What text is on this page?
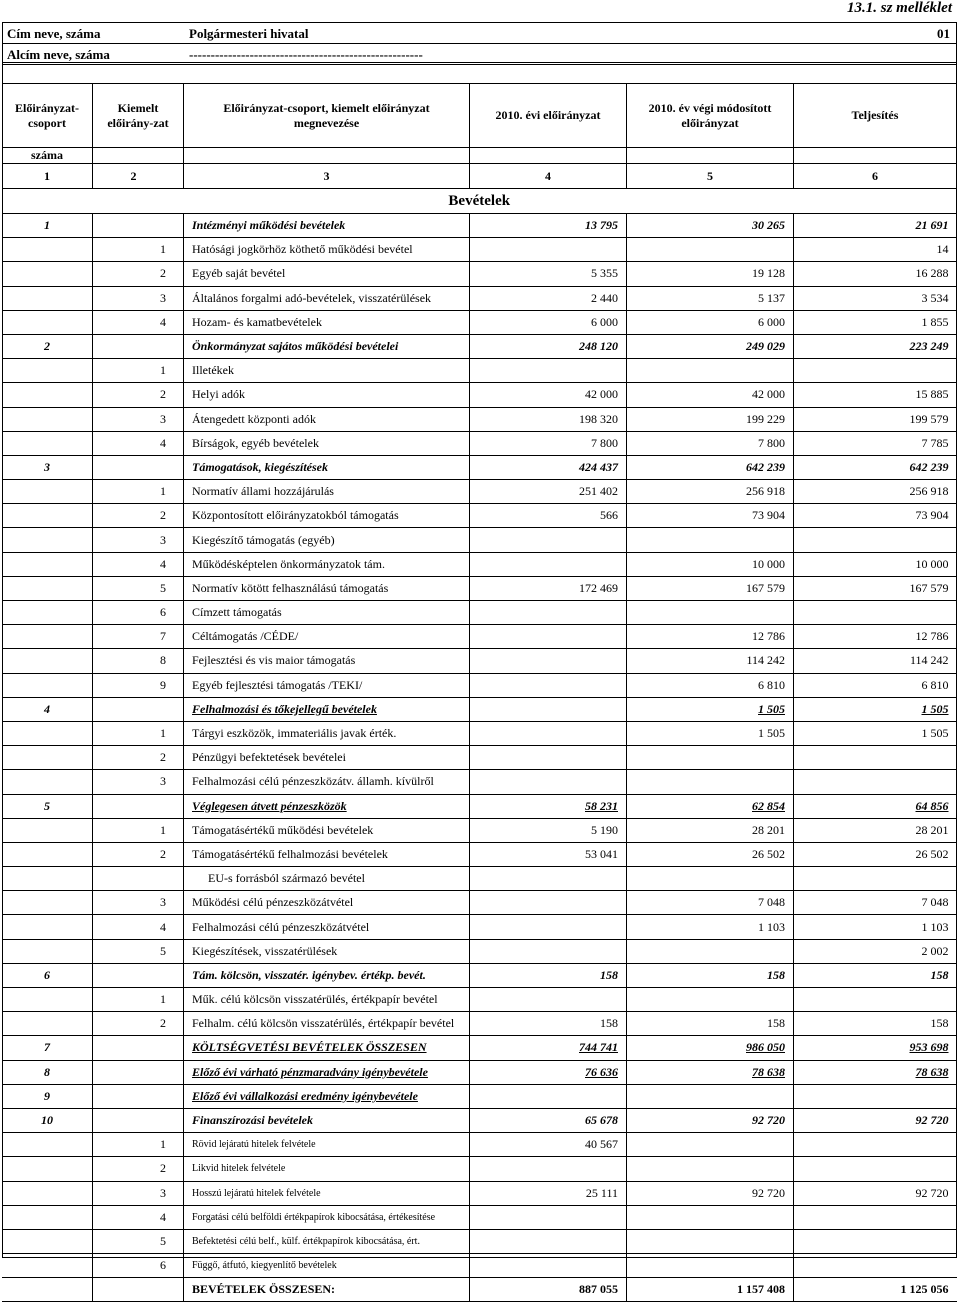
13.1. sz melléklet
Cím neve, száma	Polgármesteri hivatal	01
Alcím neve, száma	------------------------------------------------------
Előirányzat-csoport	Kiemelt előirány-zat	Előirányzat-csoport, kiemelt előirányzat megnevezése	2010. évi előirányzat	2010. év végi módosított előirányzat	Teljesítés
száma					
1	2	3	4	5	6
Bevételek					
1		Intézményi működési bevételek	13 795	30 265	21 691
	1	Hatósági jogkörhöz köthető működési bevétel			14
	2	Egyéb saját bevétel	5 355	19 128	16 288
	3	Általános forgalmi adó-bevételek, visszatérülések	2 440	5 137	3 534
	4	Hozam- és kamatbevételek	6 000	6 000	1 855
2		Önkormányzat sajátos működési bevételei	248 120	249 029	223 249
	1	Illetékek			
	2	Helyi adók	42 000	42 000	15 885
	3	Átengedett központi adók	198 320	199 229	199 579
	4	Bírságok, egyéb bevételek	7 800	7 800	7 785
3		Támogatások, kiegészítések	424 437	642 239	642 239
	1	Normatív állami hozzájárulás	251 402	256 918	256 918
	2	Központosított előirányzatokból támogatás	566	73 904	73 904
	3	Kiegészítő támogatás (egyéb)			
	4	Működésképtelen önkormányzatok tám.		10 000	10 000
	5	Normatív kötött felhasználású támogatás	172 469	167 579	167 579
	6	Címzett támogatás			
	7	Céltámogatás /CÉDE/		12 786	12 786
	8	Fejlesztési és vis maior támogatás		114 242	114 242
	9	Egyéb fejlesztési támogatás /TEKI/		6 810	6 810
4		Felhalmozási és tőkejellegű bevételek		1 505	1 505
	1	Tárgyi eszközök, immateriális javak érték.		1 505	1 505
	2	Pénzügyi befektetések bevételei			
	3	Felhalmozási célú pénzeszközátv. államh. kívülről			
5		Véglegesen átvett pénzeszközök	58 231	62 854	64 856
	1	Támogatásértékű működési bevételek	5 190	28 201	28 201
	2	Támogatásértékű felhalmozási bevételek	53 041	26 502	26 502
		EU-s forrásból származó bevétel			
	3	Működési célú pénzeszközátvétel		7 048	7 048
	4	Felhalmozási célú pénzeszközátvétel		1 103	1 103
	5	Kiegészítések, visszatérülések			2 002
6		Tám. kölcsön, visszatér. igénybev. értékp. bevét.	158	158	158
	1	Műk. célú kölcsön visszatérülés, értékpapír bevétel			
	2	Felhalm. célú kölcsön visszatérülés, értékpapír bevétel	158	158	158
7		KÖLTSÉGVETÉSI BEVÉTELEK ÖSSZESEN	744 741	986 050	953 698
8		Előző évi várható pénzmaradvány igénybevétele	76 636	78 638	78 638
9		Előző évi vállalkozási eredmény igénybevétele			
10		Finanszírozási bevételek	65 678	92 720	92 720
	1	Rövid lejáratú hitelek felvétele	40 567		
	2	Likvid hitelek felvétele			
	3	Hosszú lejáratú hitelek felvétele	25 111	92 720	92 720
	4	Forgatási célú belföldi értékpapírok kibocsátása, értékesítése			
	5	Befektetési célú belf., külf. értékpapírok kibocsátása, ért.			
	6	Függő, átfutó, kiegyenlítő bevételek			
		BEVÉTELEK ÖSSZESEN:	887 055	1 157 408	1 125 056
